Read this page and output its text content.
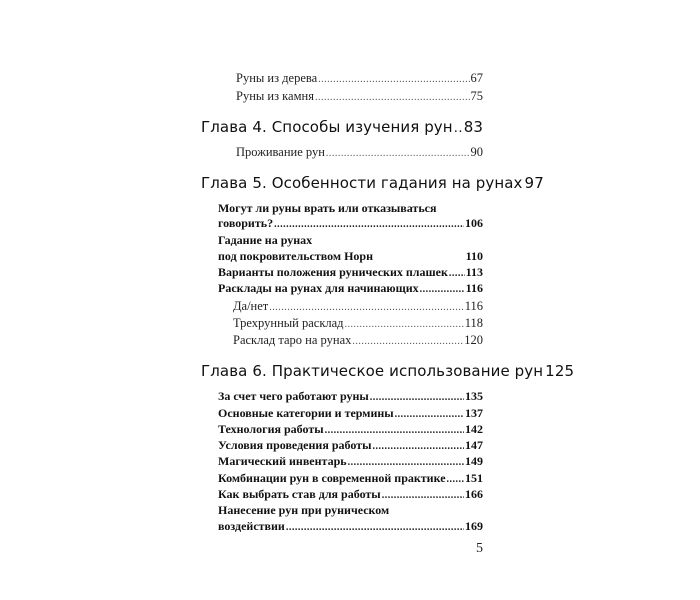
Руны из дерева .....	67
Руны из камня .....	75
Глава 4. Способы изучения рун ..... 83
Проживание рун .....	90
Глава 5. Особенности гадания на рунах 97
Могут ли руны врать или отказываться
говорить? .....	106
Гадание на рунах
под покровительством Норн	110
Варианты положения рунических плашек ..... 113
Расклады на рунах для начинающих .....	116
Да/нет .....	116
Трехрунный расклад .....	118
Расклад таро на рунах .....	120
Глава 6. Практическое использование рун 125
За счет чего работают руны .....	135
Основные категории и термины .....	137
Технология работы .....	142
Условия проведения работы .....	147
Магический инвентарь .....	149
Комбинации рун в современной практике ..... 151
Как выбрать став для работы .....	166
Нанесение рун при руническом
воздействии .....	169
5
